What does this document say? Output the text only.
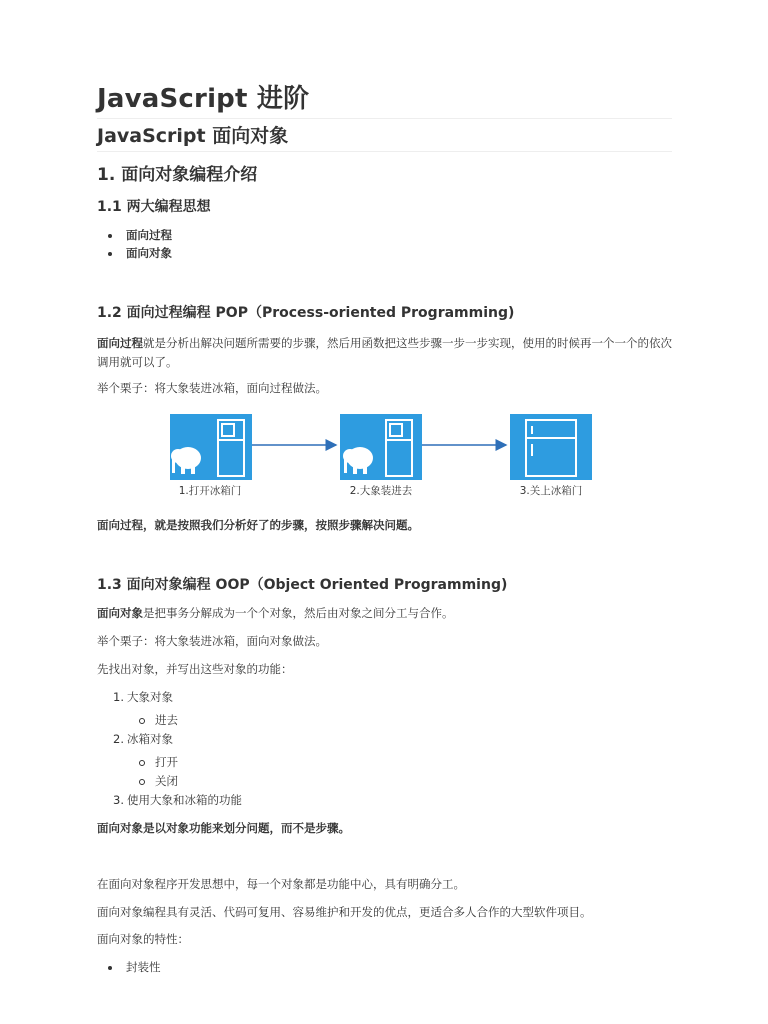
JavaScript 进阶
JavaScript 面向对象
1. 面向对象编程介绍
1.1 两大编程思想
面向过程
面向对象
1.2 面向过程编程 POP（Process-oriented Programming)

面向过程就是分析出解决问题所需要的步骤，然后用函数把这些步骤一步一步实现，使用的时候再一个一个的依次调用就可以了。

举个栗子：将大象装进冰箱，面向过程做法。

面向过程，就是按照我们分析好了的步骤，按照步骤解决问题。

1.3 面向对象编程 OOP（Object Oriented Programming)

面向对象是把事务分解成为一个个对象，然后由对象之间分工与合作。

举个栗子：将大象装进冰箱，面向对象做法。

先找出对象，并写出这些对象的功能：

1. 大象对象
进去
2. 冰箱对象
打开
关闭
3. 使用大象和冰箱的功能

面向对象是以对象功能来划分问题，而不是步骤。

在面向对象程序开发思想中，每一个对象都是功能中心，具有明确分工。

面向对象编程具有灵活、代码可复用、容易维护和开发的优点，更适合多人合作的大型软件项目。

面向对象的特性：

封装性
1.打开冰箱门	2.大象装进去	3.关上冰箱门
